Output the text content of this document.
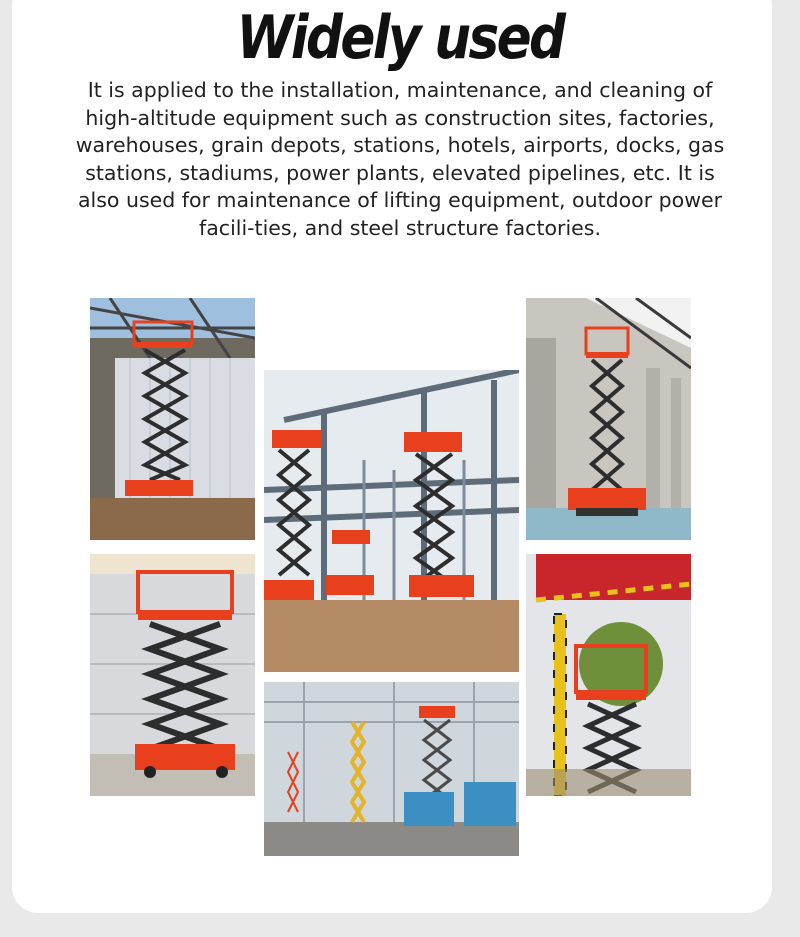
Widely used
It is applied to the installation, maintenance, and cleaning of high-altitude equipment such as construction sites, factories, warehouses, grain depots, stations, hotels, airports, docks, gas stations, stadiums, power plants, elevated pipelines, etc. It is also used for maintenance of lifting equipment, outdoor power facili-ties, and steel structure factories.
